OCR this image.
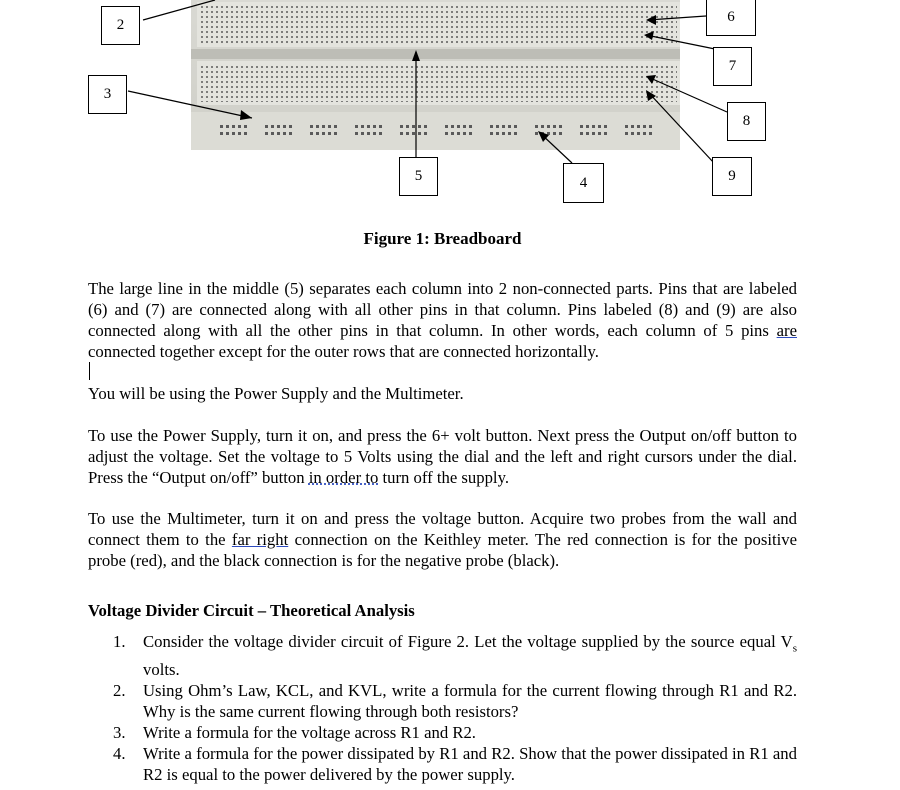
2
3
4
5
6
7
8
9
Figure 1: Breadboard

The large line in the middle (5) separates each column into 2 non-connected parts. Pins that are labeled (6) and (7) are connected along with all other pins in that column. Pins labeled (8) and (9) are also connected along with all the other pins in that column. In other words, each column of 5 pins are connected together except for the outer rows that are connected horizontally.

You will be using the Power Supply and the Multimeter.

To use the Power Supply, turn it on, and press the 6+ volt button. Next press the Output on/off button to adjust the voltage. Set the voltage to 5 Volts using the dial and the left and right cursors under the dial. Press the “Output on/off” button in order to turn off the supply.

To use the Multimeter, turn it on and press the voltage button. Acquire two probes from the wall and connect them to the far right connection on the Keithley meter. The red connection is for the positive probe (red), and the black connection is for the negative probe (black).

Voltage Divider Circuit – Theoretical Analysis
1. Consider the voltage divider circuit of Figure 2. Let the voltage supplied by the source equal $V_s$ volts.
2. Using Ohm’s Law, KCL, and KVL, write a formula for the current flowing through R1 and R2. Why is the same current flowing through both resistors?
3. Write a formula for the voltage across R1 and R2.
4. Write a formula for the power dissipated by R1 and R2. Show that the power dissipated in R1 and R2 is equal to the power delivered by the power supply.
